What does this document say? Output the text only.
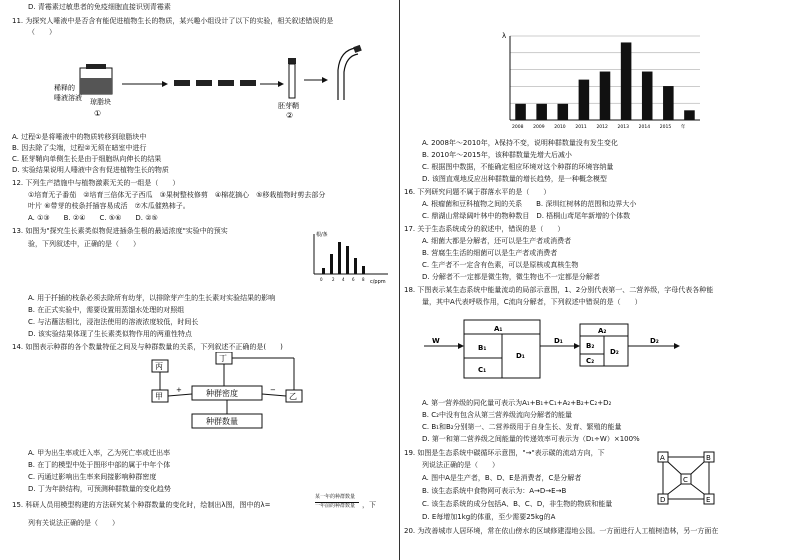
D. 青霉素过敏患者的免疫细胞直接识别青霉素
11. 为探究人唾液中是否含有能促进植物生长的物质，某兴趣小组设计了以下的实验，相关叙述错误的是
（　　）
稀释的
唾液溶液 琼脂块
①
胚芽鞘
②
A. 过程①是将唾液中的物质转移到琼脂块中
B. 因去除了尖端，过程②无须在暗室中进行
C. 胚芽鞘向单侧生长是由于细胞纵向伸长的结果
D. 实验结果说明人唾液中含有促进植物生长的物质
12. 下列生产措施中与植物激素无关的一组是（　　）
①培育无子番茄　②培育三倍体无子西瓜　③果树整枝修剪　④棉花摘心　⑤移栽植物时剪去部分
叶片 ⑥带芽的枝条扦插容易成活　⑦木瓜催熟柿子。
A. ①③　　B. ②④　　C. ⑤⑥　　D. ②⑤
13. 如图为"探究生长素类似物促进插条生根的最适浓度"实验中的预实
验，下列叙述中，正确的是（　　）
根/条
c/ppm
0 2 4 6 8
A. 用于扦插的枝条必须去除所有幼芽，以排除芽产生的生长素对实验结果的影响
B. 在正式实验中，需要设置用蒸馏水处理的对照组
C. 与沾蘸法相比，浸泡法使用的溶液浓度较低，时间长
D. 该实验结果体现了生长素类似物作用的两重性特点
14. 如图表示种群的各个数量特征之间及与种群数量的关系，下列叙述不正确的是(　　)
丙
丁
甲	种群密度	乙
种群数量
+	−
A. 甲为出生率或迁入率，乙为死亡率或迁出率
B. 在丁的模型中处于图形中部的属于中年个体
C. 丙通过影响出生率来间接影响种群密度
D. 丁为年龄结构，可预测种群数量的变化趋势
15. 科研人员用模型构建的方法研究某个种群数量的变化时，绘制出λ图，图中的λ=
某一年的种群数量
一年前的种群数量 ，下
列有关说法正确的是（　　）
λ
2008 2009 2010 2011 2012 2013 2014 2015 年
A. 2008年～2010年，λ保持不变，说明种群数量没有发生变化
B. 2010年～2015年，该种群数量先增大后减小
C. 根据图中数据，不能确定相应环境对这个种群的环境容纳量
D. 该图直观地反应出种群数量的增长趋势，是一种概念模型
16. 下列研究问题不属于群落水平的是（　　）
A. 根瘤菌和豆科植物之间的关系　　B. 深圳红树林的范围和边界大小
C. 鼎湖山常绿阔叶林中的物种数目　D. 梧桐山鸢尾年新增的个体数
17. 关于生态系统成分的叙述中，错误的是（　　）
A. 细菌大都是分解者，还可以是生产者或消费者
B. 营腐生生活的细菌可以是生产者或消费者
C. 生产者不一定含有色素，可以是原核或真核生物
D. 分解者不一定都是微生物，微生物也不一定都是分解者
18. 下图表示某生态系统中能量流动的局部示意图，1、2分别代表第一、二营养级，字母代表各种能
量，其中A代表呼吸作用，C流向分解者，下列叙述中错误的是（　　）
W
A₁
B₁
C₁
D₁
D₁
A₂
B₂
C₂
D₂
D₂
A. 第一营养级的同化量可表示为A₁+B₁+C₁+A₂+B₂+C₂+D₂
B. C₂中没有包含从第三营养级流向分解者的能量
C. B₁和B₂分别第一、二营养级用于自身生长、发育、繁殖的能量
D. 第一和第二营养级之间能量的传递效率可表示为（D₁÷W）×100%
19. 如图是生态系统中碳循环示意图，"→"表示碳的流动方向，下
列说法正确的是（　　）
A. 图中A是生产者，B、D、E是消费者，C是分解者
B. 该生态系统中食物网可表示为：A→D→E→B
C. 该生态系统的成分包括A、B、C、D，非生物的物质和能量
D. E每增加1kg的体重，至少需要25kg的A
20. 为改善城市人居环境，常在依山傍水的区域修建湿地公园。一方面进行人工植树造林，另一方面在
A	B
C
D	E
